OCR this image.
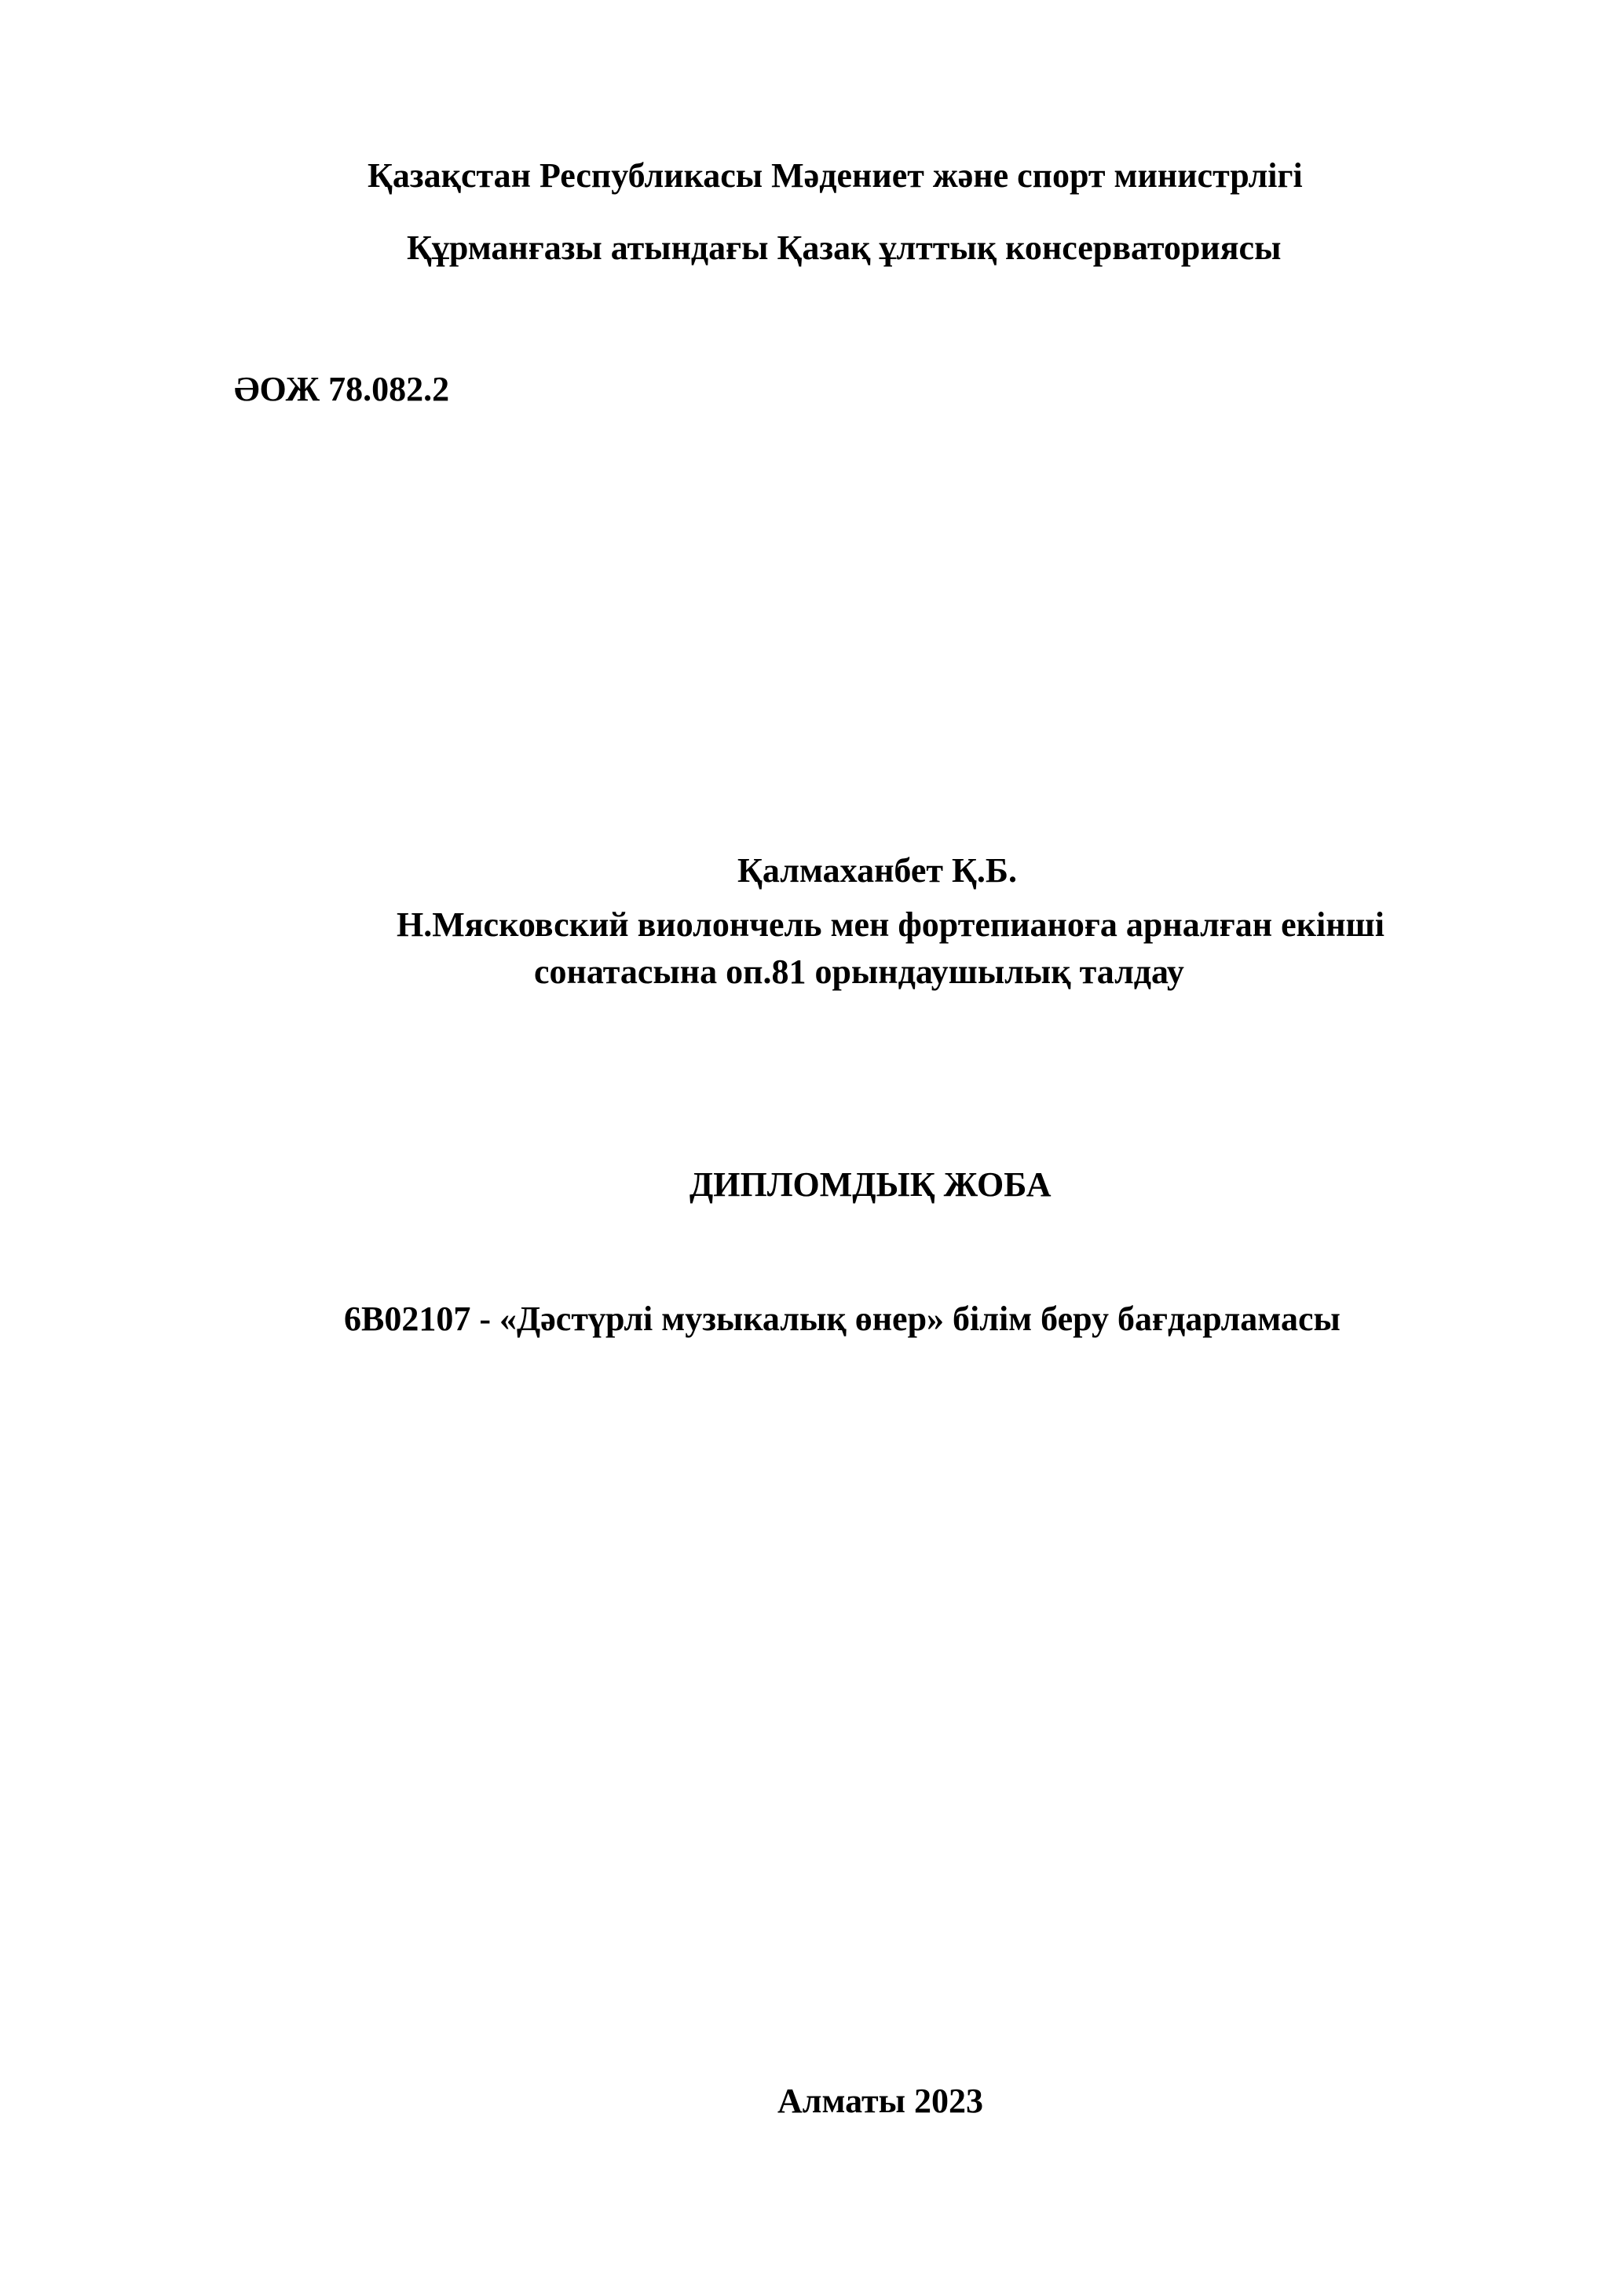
Қазақстан Республикасы Мәдениет және спорт министрлігі

Құрманғазы атындағы Қазақ ұлттық консерваториясы

ӘОЖ 78.082.2

Қалмаханбет Қ.Б.

Н.Мясковский виолончель мен фортепианоға арналған екінші

сонатасына оп.81 орындаушылық талдау

ДИПЛОМДЫҚ ЖОБА

6В02107 - «Дәстүрлі музыкалық өнер» білім беру бағдарламасы

Алматы 2023
